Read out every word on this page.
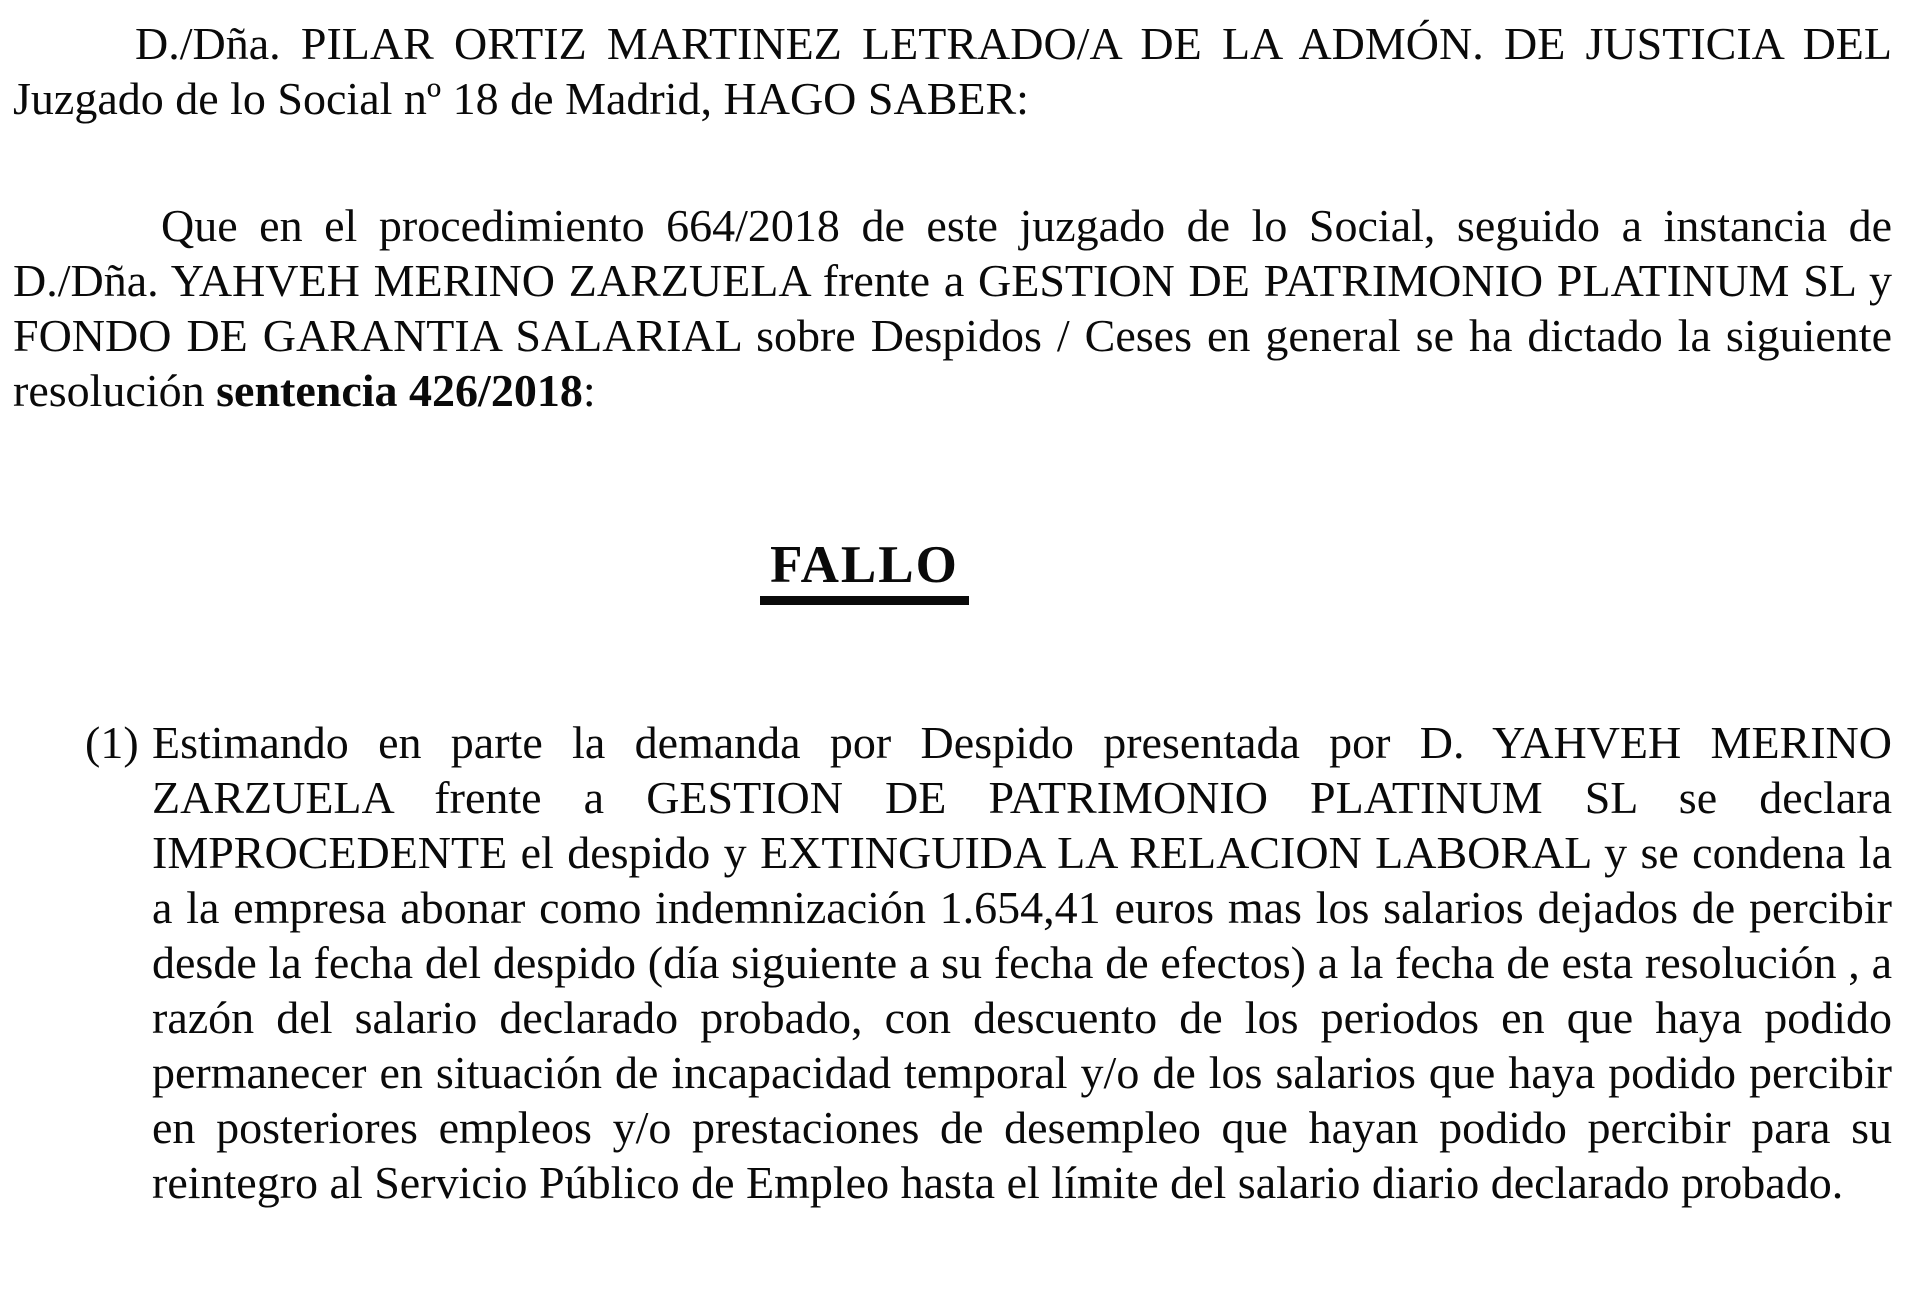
D./Dña. PILAR ORTIZ MARTINEZ LETRADO/A DE LA ADMÓN. DE JUSTICIA DEL Juzgado de lo Social nº 18 de Madrid, HAGO SABER:

Que en el procedimiento 664/2018 de este juzgado de lo Social, seguido a instancia de D./Dña. YAHVEH MERINO ZARZUELA frente a GESTION DE PATRIMONIO PLATINUM SL y FONDO DE GARANTIA SALARIAL sobre Despidos / Ceses en general se ha dictado la siguiente resolución sentencia 426/2018:

FALLO
(1) Estimando en parte la demanda por Despido presentada por D. YAHVEH MERINO ZARZUELA frente a GESTION DE PATRIMONIO PLATINUM SL se declara IMPROCEDENTE el despido y EXTINGUIDA LA RELACION LABORAL y se condena la a la empresa abonar como indemnización 1.654,41 euros mas los salarios dejados de percibir desde la fecha del despido (día siguiente a su fecha de efectos) a la fecha de esta resolución , a razón del salario declarado probado, con descuento de los periodos en que haya podido permanecer en situación de incapacidad temporal y/o de los salarios que haya podido percibir en posteriores empleos y/o prestaciones de desempleo que hayan podido percibir para su reintegro al Servicio Público de Empleo hasta el límite del salario diario declarado probado.
